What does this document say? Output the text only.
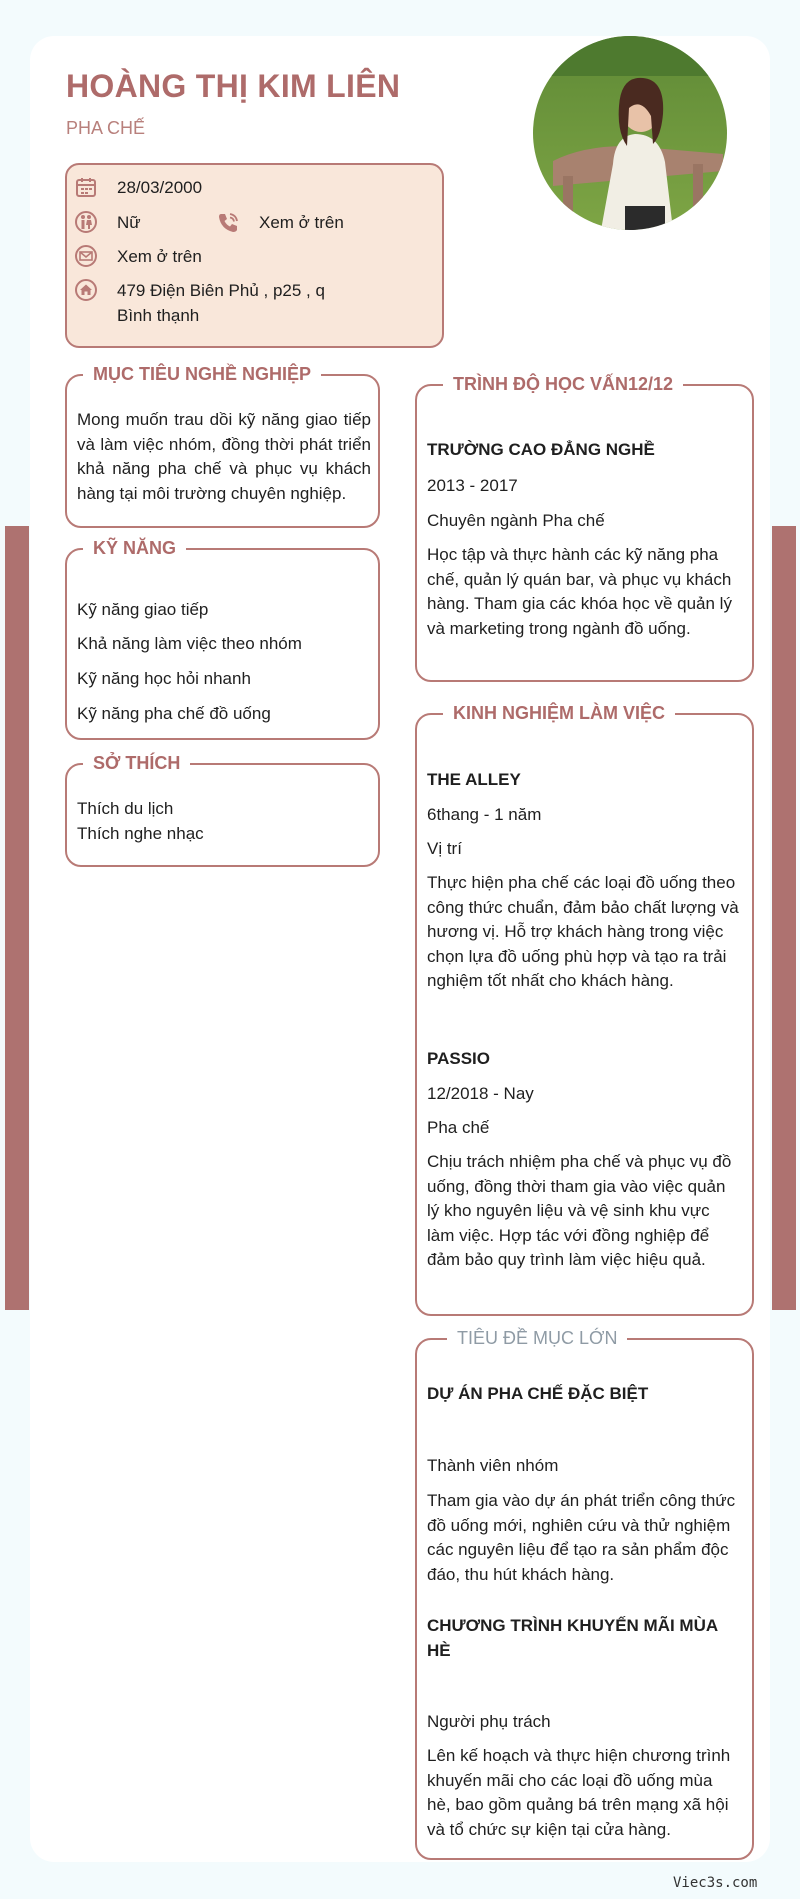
HOÀNG THỊ KIM LIÊN
PHA CHẾ
28/03/2000
Nữ	Xem ở trên
Xem ở trên
479 Điện Biên Phủ , p25 , q Bình thạnh
MỤC TIÊU NGHỀ NGHIỆP

Mong muốn trau dồi kỹ năng giao tiếp và làm việc nhóm, đồng thời phát triển khả năng pha chế và phục vụ khách hàng tại môi trường chuyên nghiệp.

KỸ NĂNG
Kỹ năng giao tiếp
Khả năng làm việc theo nhóm
Kỹ năng học hỏi nhanh
Kỹ năng pha chế đồ uống
SỞ THÍCH
Thích du lịch
Thích nghe nhạc
TRÌNH ĐỘ HỌC VẤN12/12
TRƯỜNG CAO ĐẲNG NGHỀ
2013 - 2017
Chuyên ngành Pha chế

Học tập và thực hành các kỹ năng pha chế, quản lý quán bar, và phục vụ khách hàng. Tham gia các khóa học về quản lý và marketing trong ngành đồ uống.

KINH NGHIỆM LÀM VIỆC
THE ALLEY
6thang - 1 năm
Vị trí

Thực hiện pha chế các loại đồ uống theo công thức chuẩn, đảm bảo chất lượng và hương vị. Hỗ trợ khách hàng trong việc chọn lựa đồ uống phù hợp và tạo ra trải nghiệm tốt nhất cho khách hàng.

PASSIO
12/2018 - Nay
Pha chế

Chịu trách nhiệm pha chế và phục vụ đồ uống, đồng thời tham gia vào việc quản lý kho nguyên liệu và vệ sinh khu vực làm việc. Hợp tác với đồng nghiệp để đảm bảo quy trình làm việc hiệu quả.

TIÊU ĐỀ MỤC LỚN
DỰ ÁN PHA CHẾ ĐẶC BIỆT
Thành viên nhóm

Tham gia vào dự án phát triển công thức đồ uống mới, nghiên cứu và thử nghiệm các nguyên liệu để tạo ra sản phẩm độc đáo, thu hút khách hàng.

CHƯƠNG TRÌNH KHUYẾN MÃI MÙA HÈ
Người phụ trách

Lên kế hoạch và thực hiện chương trình khuyến mãi cho các loại đồ uống mùa hè, bao gồm quảng bá trên mạng xã hội và tổ chức sự kiện tại cửa hàng.

Viec3s.com
